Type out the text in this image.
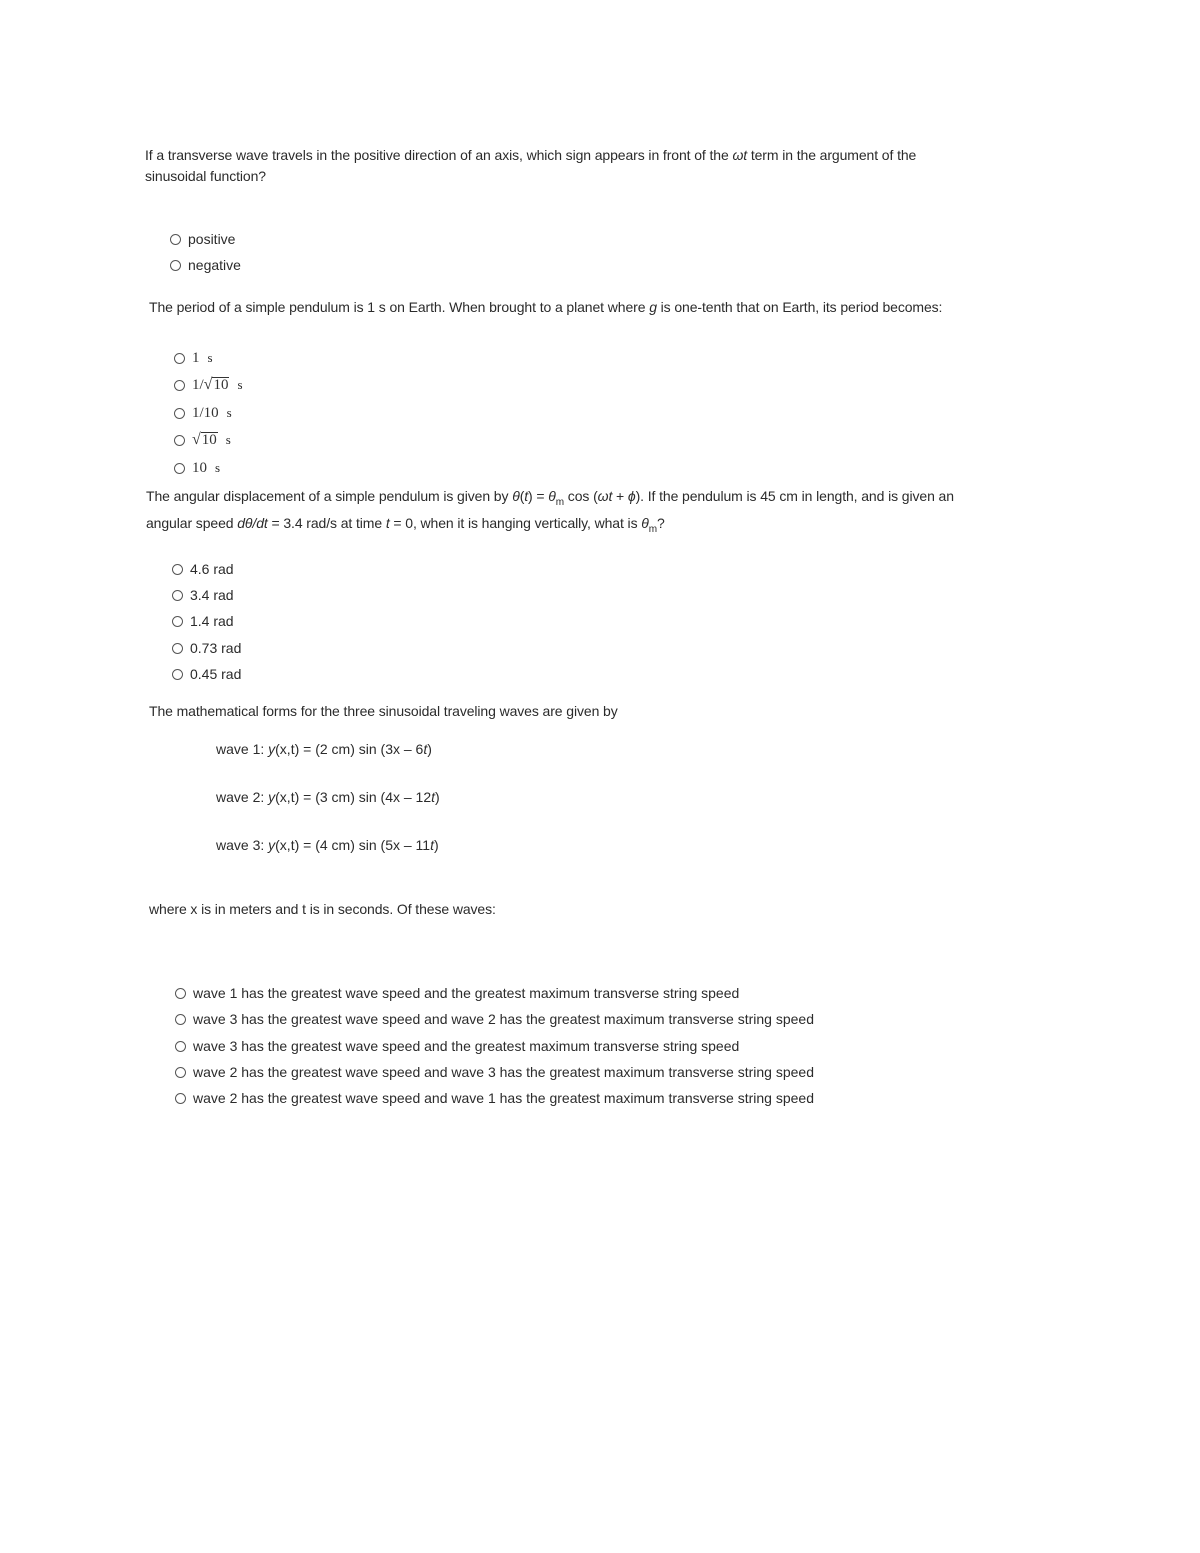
If a transverse wave travels in the positive direction of an axis, which sign appears in front of the ωt term in the argument of the
sinusoidal function?
positive
negative
The period of a simple pendulum is 1 s on Earth. When brought to a planet where g is one-tenth that on Earth, its period becomes:
1 s
1/ √ 10 s
1/10 s
√ 10 s
10 s
The angular displacement of a simple pendulum is given by $\theta(t) = \theta_m$ cos (ωt + ϕ). If the pendulum is 45 cm in length, and is given an
angular speed dθ/dt = 3.4 rad/s at time t = 0, when it is hanging vertically, what is $\theta_m$?
4.6 rad
3.4 rad
1.4 rad
0.73 rad
0.45 rad
The mathematical forms for the three sinusoidal traveling waves are given by
wave 1: y(x,t) = (2 cm) sin (3x – 6t)
wave 2: y(x,t) = (3 cm) sin (4x – 12t)
wave 3: y(x,t) = (4 cm) sin (5x – 11t)
where x is in meters and t is in seconds. Of these waves:
wave 1 has the greatest wave speed and the greatest maximum transverse string speed
wave 3 has the greatest wave speed and wave 2 has the greatest maximum transverse string speed
wave 3 has the greatest wave speed and the greatest maximum transverse string speed
wave 2 has the greatest wave speed and wave 3 has the greatest maximum transverse string speed
wave 2 has the greatest wave speed and wave 1 has the greatest maximum transverse string speed
